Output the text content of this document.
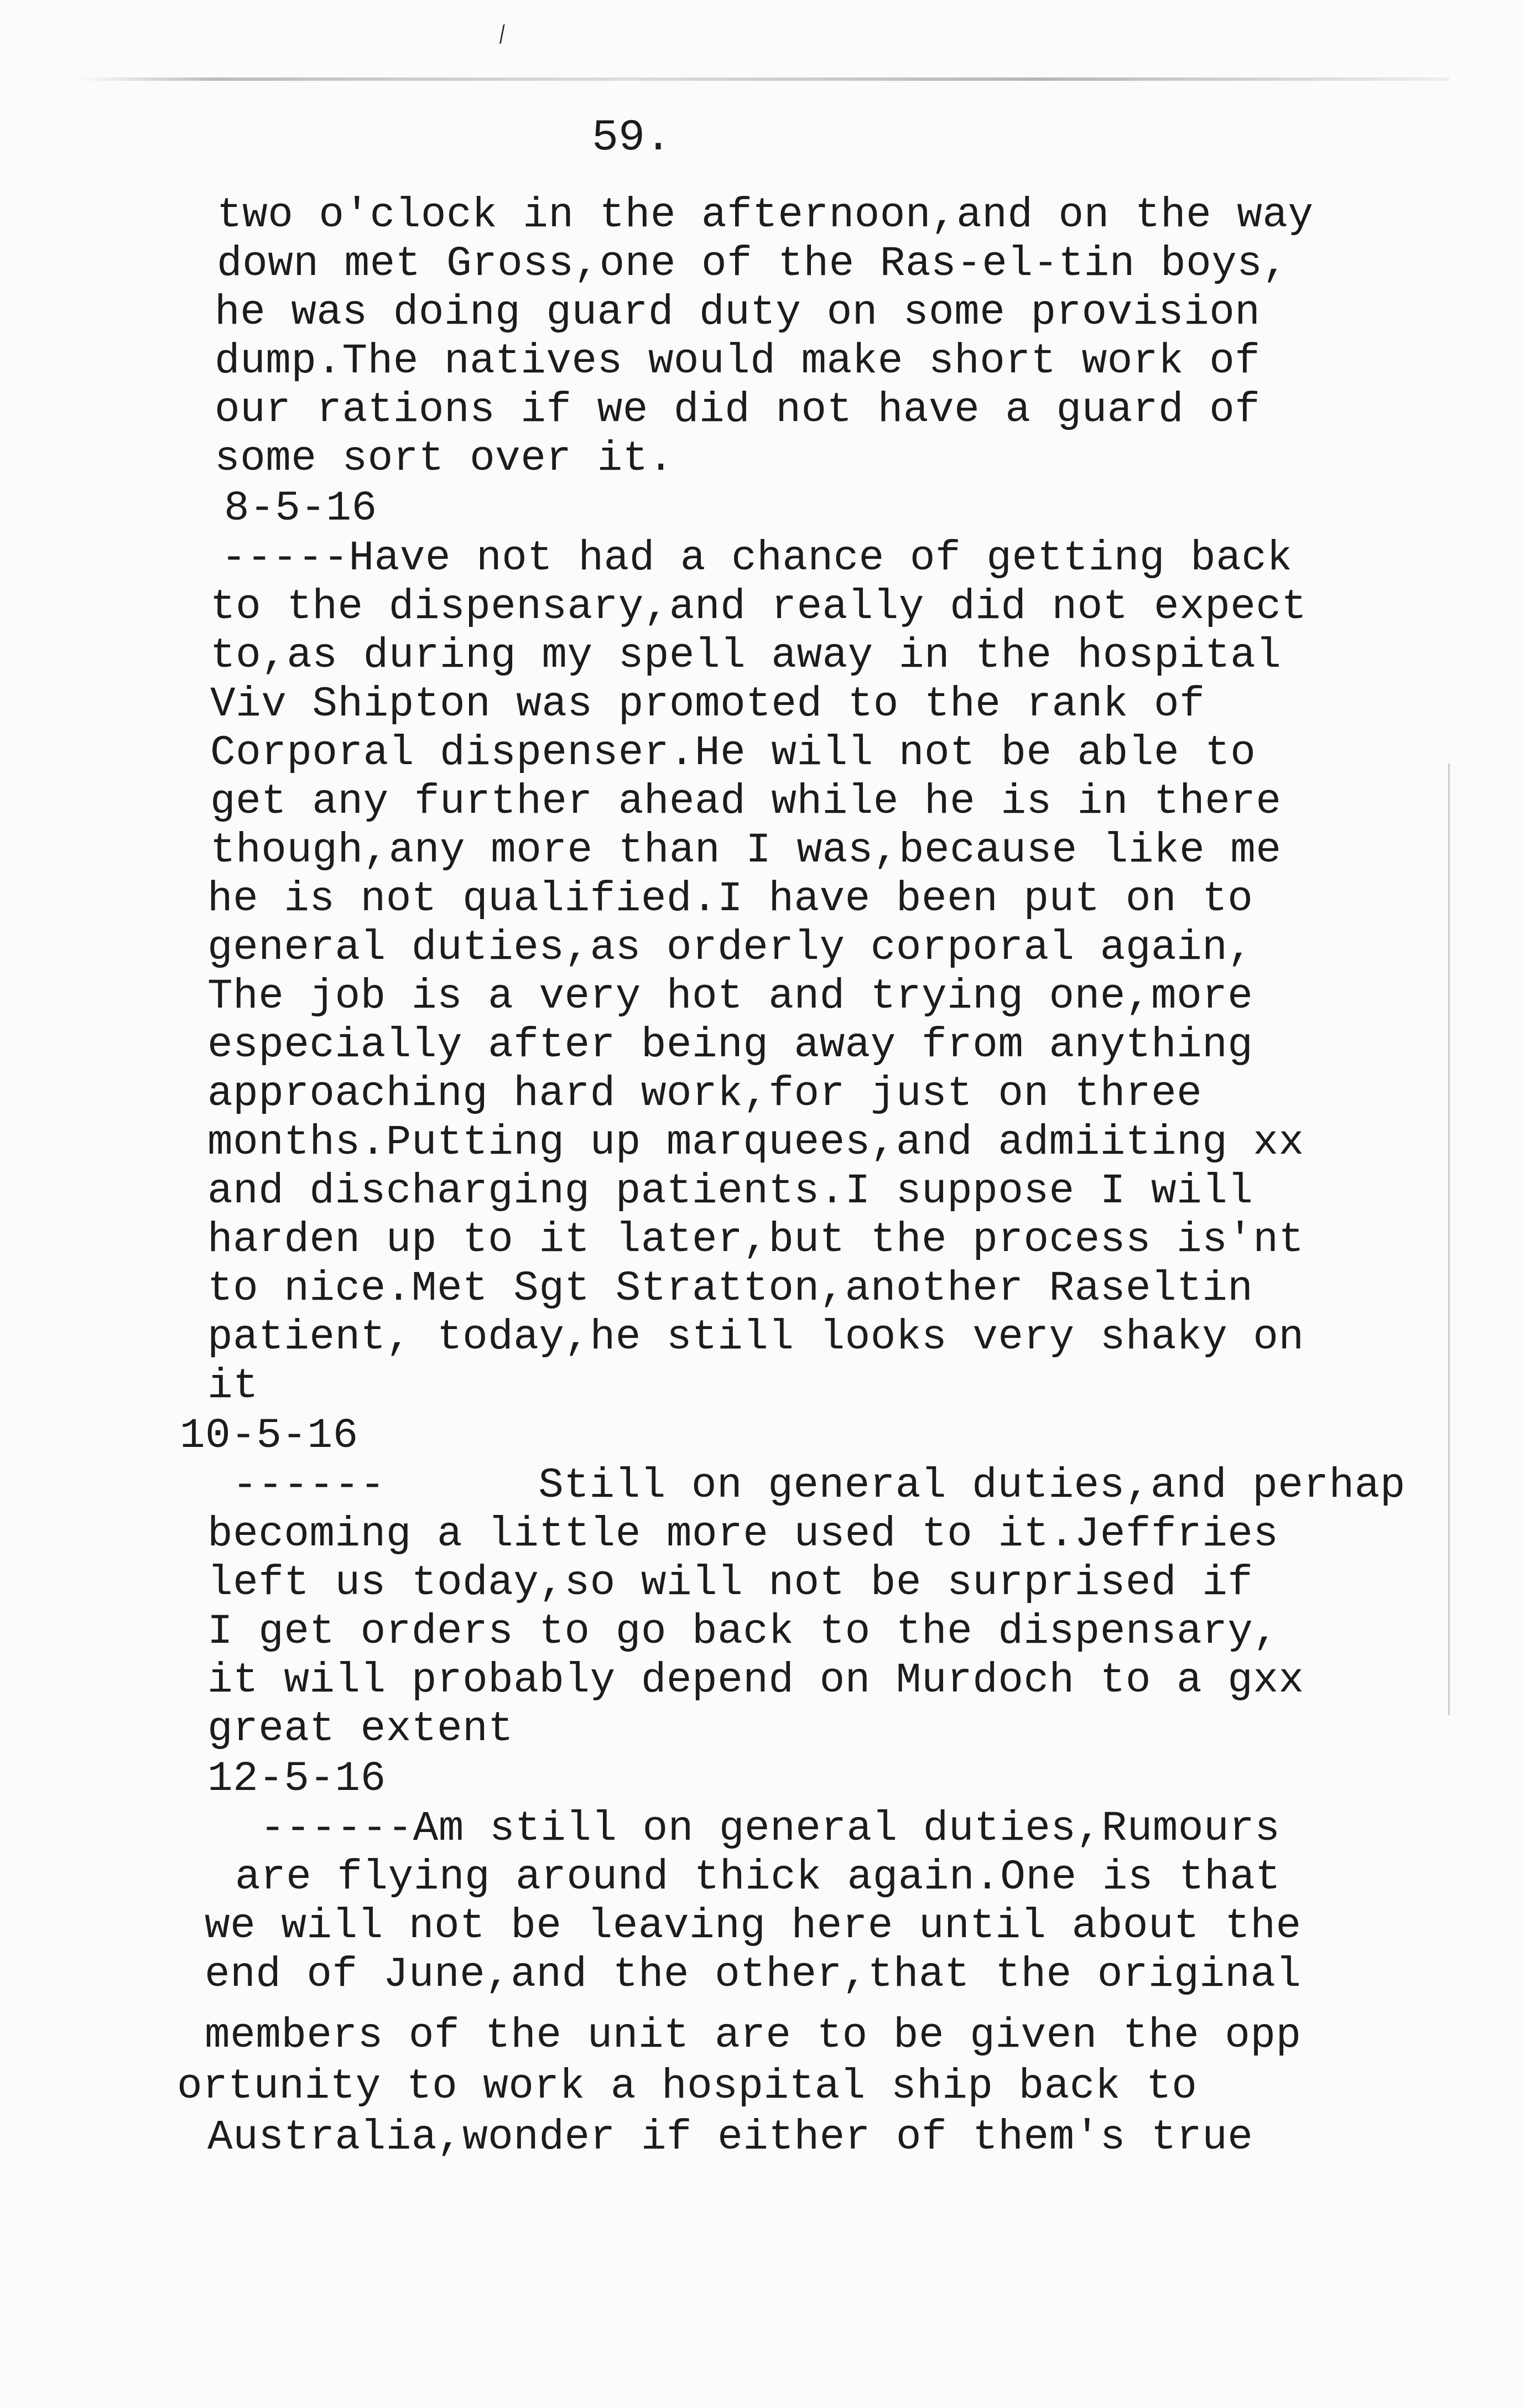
⁄
59.
two o'clock in the afternoon,and on the way
down met Gross,one of the Ras-el-tin boys,
he was doing guard duty on some provision
dump.The natives would make short work of
our rations if we did not have a guard of
some sort over it.
8-5-16
-----Have not had a chance of getting back
to the dispensary,and really did not expect
to,as during my spell away in the hospital
Viv Shipton was promoted to the rank of
Corporal dispenser.He will not be able to
get any further ahead while he is in there
though,any more than I was,because like me
he is not qualified.I have been put on to
general duties,as orderly corporal again,
The job is a very hot and trying one,more
especially after being away from anything
approaching hard work,for just on three
months.Putting up marquees,and admiiting xx
and discharging patients.I suppose I will
harden up to it later,but the process is'nt
to nice.Met Sgt Stratton,another Raseltin
patient, today,he still looks very shaky on
it
10-5-16
------      Still on general duties,and perhap
becoming a little more used to it.Jeffries
left us today,so will not be surprised if
I get orders to go back to the dispensary,
it will probably depend on Murdoch to a gxx
great extent
12-5-16
------Am still on general duties,Rumours
are flying around thick again.One is that
we will not be leaving here until about the
end of June,and the other,that the original
members of the unit are to be given the opp
ortunity to work a hospital ship back to
Australia,wonder if either of them's true
